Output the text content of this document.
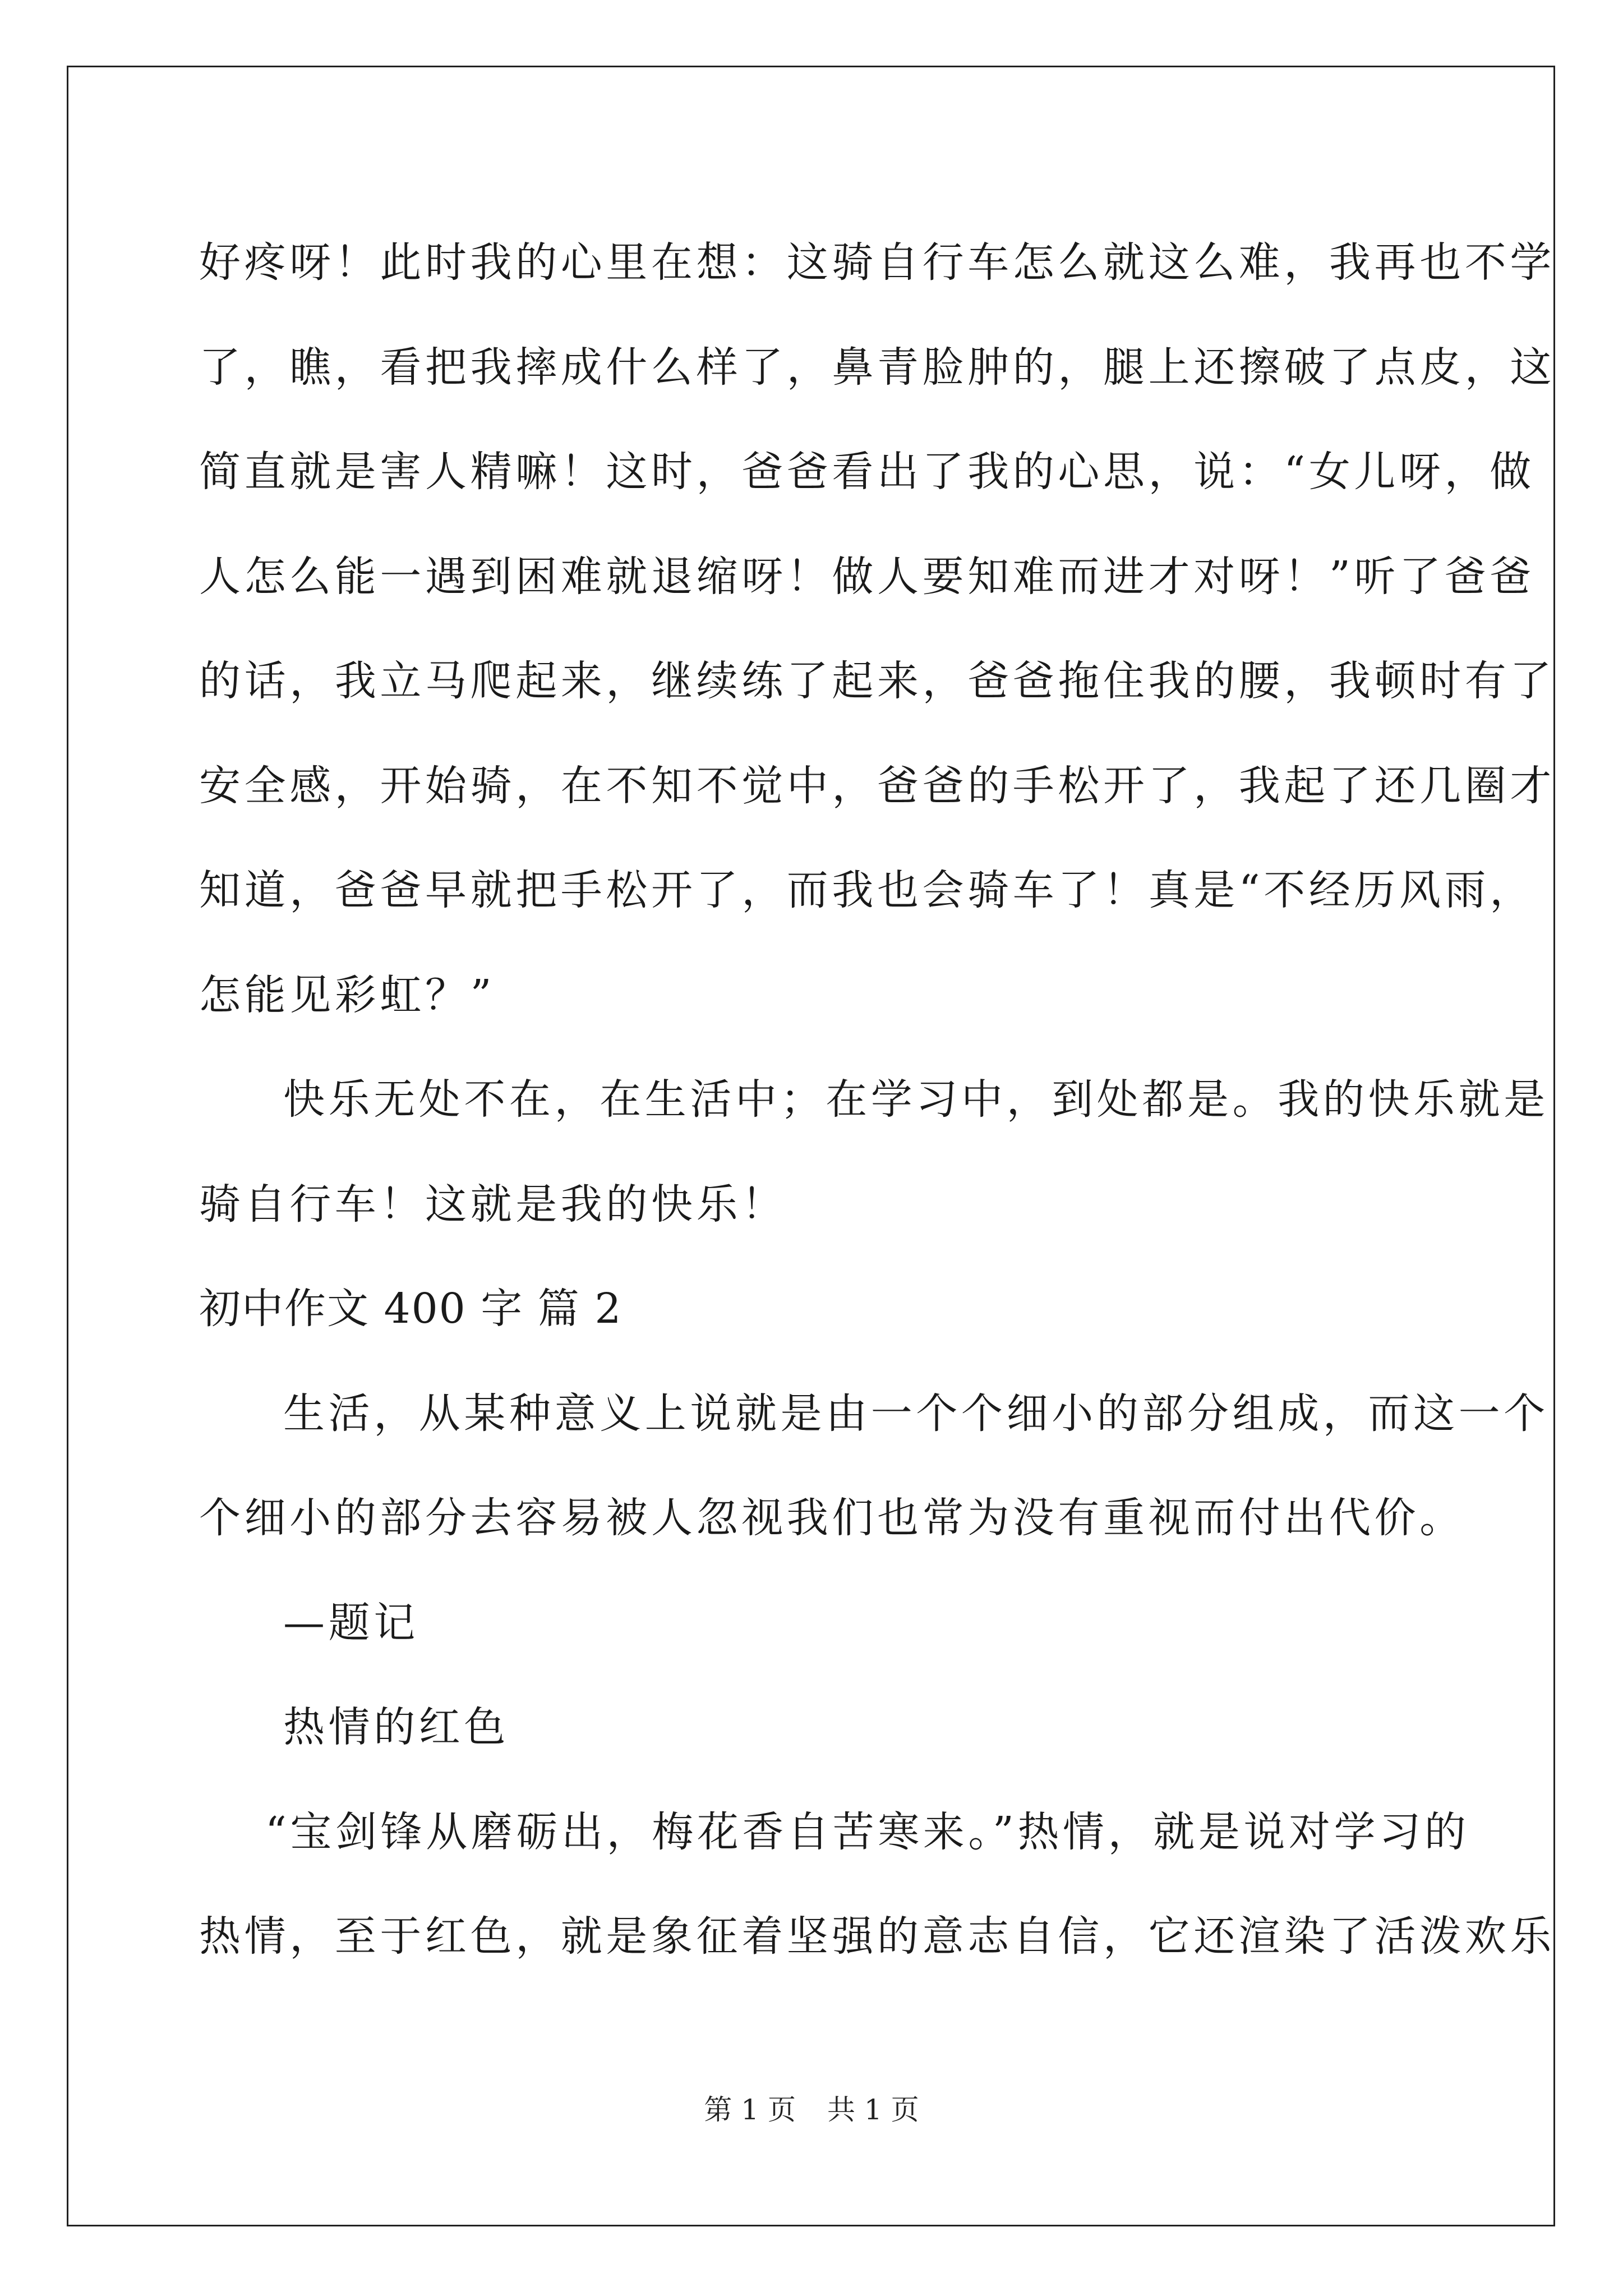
好疼呀！此时我的心里在想：这骑自行车怎么就这么难，我再也不学
了，瞧，看把我摔成什么样了，鼻青脸肿的，腿上还擦破了点皮，这
简直就是害人精嘛！这时，爸爸看出了我的心思，说：“女儿呀，做
人怎么能一遇到困难就退缩呀！做人要知难而进才对呀！”听了爸爸
的话，我立马爬起来，继续练了起来，爸爸拖住我的腰，我顿时有了
安全感，开始骑，在不知不觉中，爸爸的手松开了，我起了还几圈才
知道，爸爸早就把手松开了，而我也会骑车了！真是“不经历风雨，
怎能见彩虹？”
快乐无处不在，在生活中；在学习中，到处都是。我的快乐就是
骑自行车！这就是我的快乐！
初中作文 400 字 篇 2
生活，从某种意义上说就是由一个个细小的部分组成，而这一个
个细小的部分去容易被人忽视我们也常为没有重视而付出代价。
—题记
热情的红色
“宝剑锋从磨砺出，梅花香自苦寒来。”热情，就是说对学习的
热情，至于红色，就是象征着坚强的意志自信，它还渲染了活泼欢乐
第 1 页 共 1 页
